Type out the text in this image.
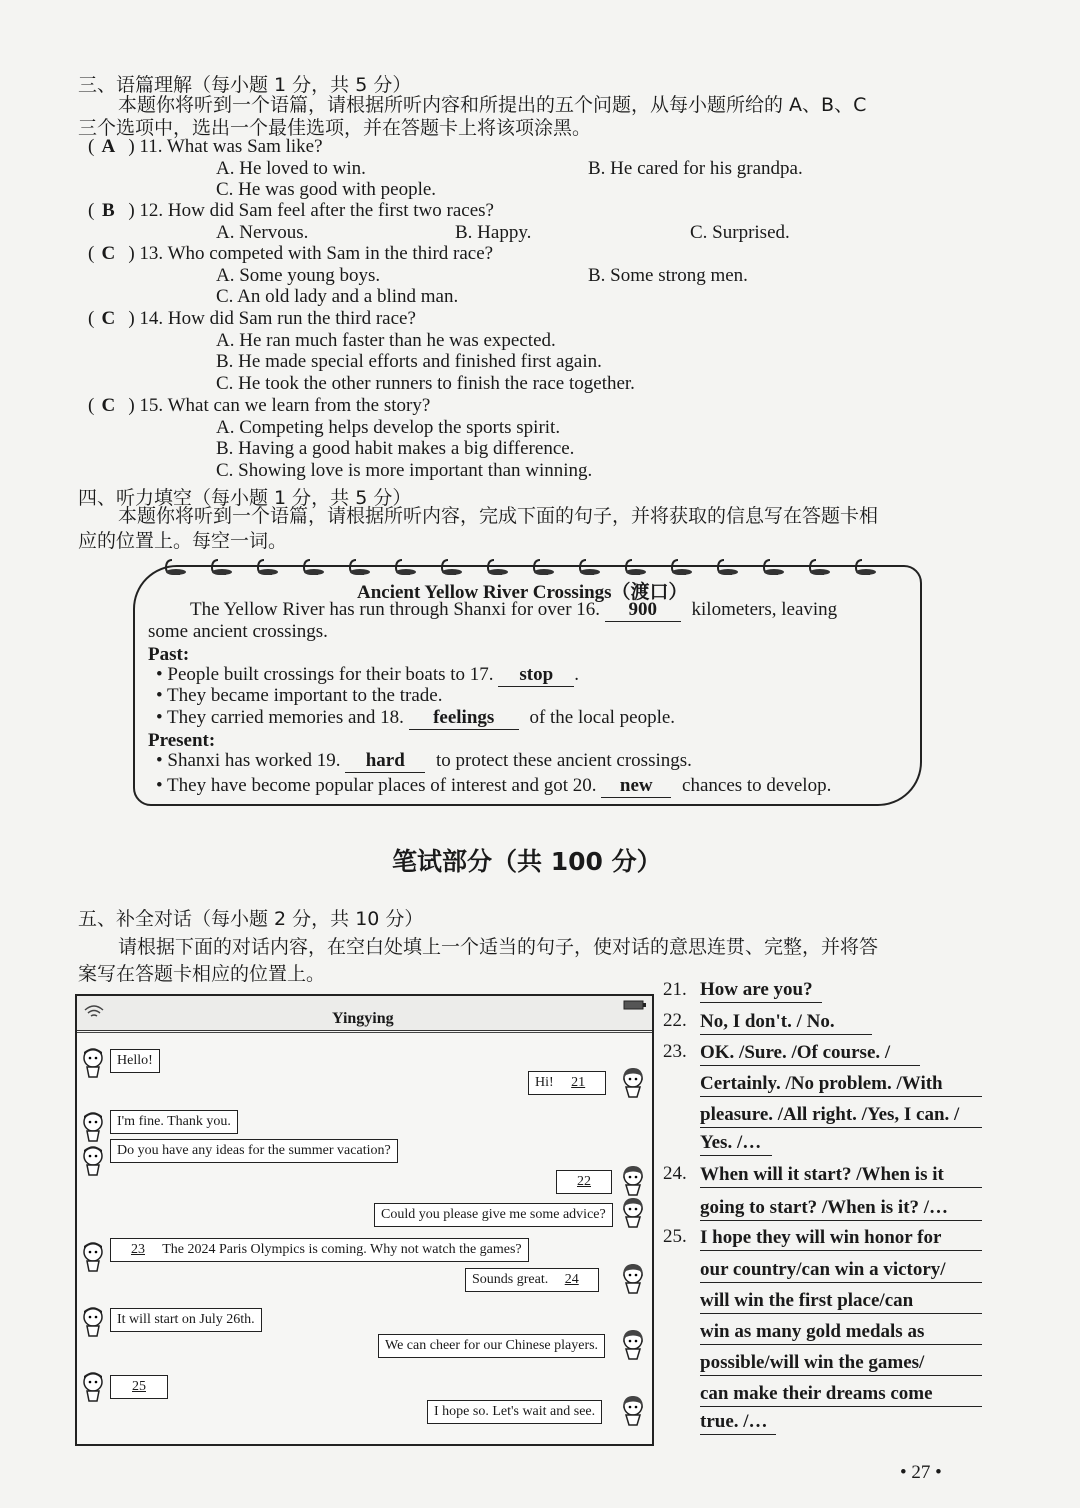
三、语篇理解（每小题 1 分，共 5 分）
本题你将听到一个语篇，请根据所听内容和所提出的五个问题，从每小题所给的 A、B、C
三个选项中，选出一个最佳选项，并在答题卡上将该项涂黑。
( A ) 11. What was Sam like?
A. He loved to win.	B. He cared for his grandpa.
C. He was good with people.
( B ) 12. How did Sam feel after the first two races?
A. Nervous.	B. Happy.	C. Surprised.
( C ) 13. Who competed with Sam in the third race?
A. Some young boys.	B. Some strong men.
C. An old lady and a blind man.
( C ) 14. How did Sam run the third race?
A. He ran much faster than he was expected.
B. He made special efforts and finished first again.
C. He took the other runners to finish the race together.
( C ) 15. What can we learn from the story?
A. Competing helps develop the sports spirit.
B. Having a good habit makes a big difference.
C. Showing love is more important than winning.
四、听力填空（每小题 1 分，共 5 分）
本题你将听到一个语篇，请根据所听内容，完成下面的句子，并将获取的信息写在答题卡相
应的位置上。每空一词。
Ancient Yellow River Crossings（渡口）
The Yellow River has run through Shanxi for over 16. 900 kilometers, leaving
some ancient crossings.
Past:
• People built crossings for their boats to 17. stop .
• They became important to the trade.
• They carried memories and 18. feelings of the local people.
Present:
• Shanxi has worked 19. hard to protect these ancient crossings.
• They have become popular places of interest and got 20. new chances to develop.
笔试部分（共 100 分）
五、补全对话（每小题 2 分，共 10 分）
请根据下面的对话内容，在空白处填上一个适当的句子，使对话的意思连贯、完整，并将答
案写在答题卡相应的位置上。
Yingying
Hello!
Hi! 21
I'm fine. Thank you.
Do you have any ideas for the summer vacation?
22
Could you please give me some advice?
23 The 2024 Paris Olympics is coming. Why not watch the games?
Sounds great. 24
It will start on July 26th.
We can cheer for our Chinese players.
25
I hope so. Let's wait and see.
21. How are you?
22. No, I don't. / No.
23. OK. /Sure. /Of course. /
Certainly. /No problem. /With
pleasure. /All right. /Yes, I can. /
Yes. /…
24. When will it start? /When is it
going to start? /When is it? /…
25. I hope they will win honor for
our country/can win a victory/
will win the first place/can
win as many gold medals as
possible/will win the games/
can make their dreams come
true. /…
• 27 •
